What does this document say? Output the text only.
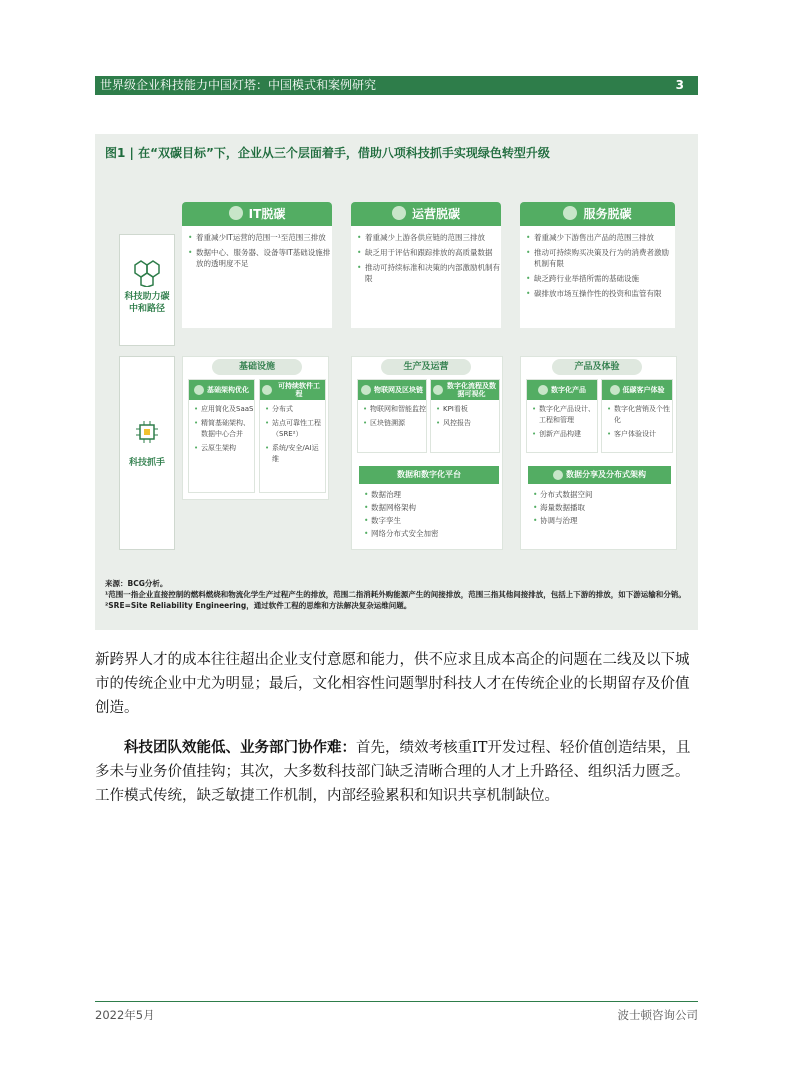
世界级企业科技能力中国灯塔：中国模式和案例研究	3
图1 | 在“双碳目标”下，企业从三个层面着手，借助八项科技抓手实现绿色转型升级
科技助力碳中和路径
科技抓手
IT脱碳
• 着重减少IT运营的范围一¹至范围三排放
• 数据中心、服务器、设备等IT基础设施排放的透明度不足
运营脱碳
• 着重减少上游各供应链的范围三排放
• 缺乏用于评估和跟踪排放的高质量数据
• 推动可持续标准和决策的内部激励机制有限
服务脱碳
• 着重减少下游售出产品的范围三排放
• 推动可持续购买决策及行为的消费者激励机制有限
• 缺乏跨行业举措所需的基础设施
• 碳排放市场互操作性的投资和监管有限
基础设施
基础架构优化
• 应用简化及SaaS
• 精简基础架构、数据中心合并
• 云原生架构
可持续软件工程
• 分布式
• 站点可靠性工程（SRE²）
• 系统/安全/AI运维
生产及运营
物联网及区块链
• 物联网和智能监控
• 区块链溯源
数字化流程及数据可视化
• KPI看板
• 风控报告
产品及体验
数字化产品
• 数字化产品设计、工程和管理
• 创新产品构建
低碳客户体验
• 数字化营销及个性化
• 客户体验设计
数据和数字化平台
• 数据治理
• 数据网格架构
• 数字孪生
• 网络分布式安全加密
数据分享及分布式架构
• 分布式数据空间
• 海量数据播取
• 协调与治理
来源：BCG分析。
¹范围一指企业直接控制的燃料燃烧和物流化学生产过程产生的排放，范围二指消耗外购能源产生的间接排放，范围三指其他间接排放，包括上下游的排放，如下游运输和分销。
²SRE=Site Reliability Engineering，通过软件工程的思维和方法解决复杂运维问题。

新跨界人才的成本往往超出企业支付意愿和能力，供不应求且成本高企的问题在二线及以下城市的传统企业中尤为明显；最后，文化相容性问题掣肘科技人才在传统企业的长期留存及价值创造。

科技团队效能低、业务部门协作难：首先，绩效考核重IT开发过程、轻价值创造结果，且多未与业务价值挂钩；其次，大多数科技部门缺乏清晰合理的人才上升路径、组织活力匮乏。工作模式传统，缺乏敏捷工作机制，内部经验累积和知识共享机制缺位。

2022年5月	波士顿咨询公司
